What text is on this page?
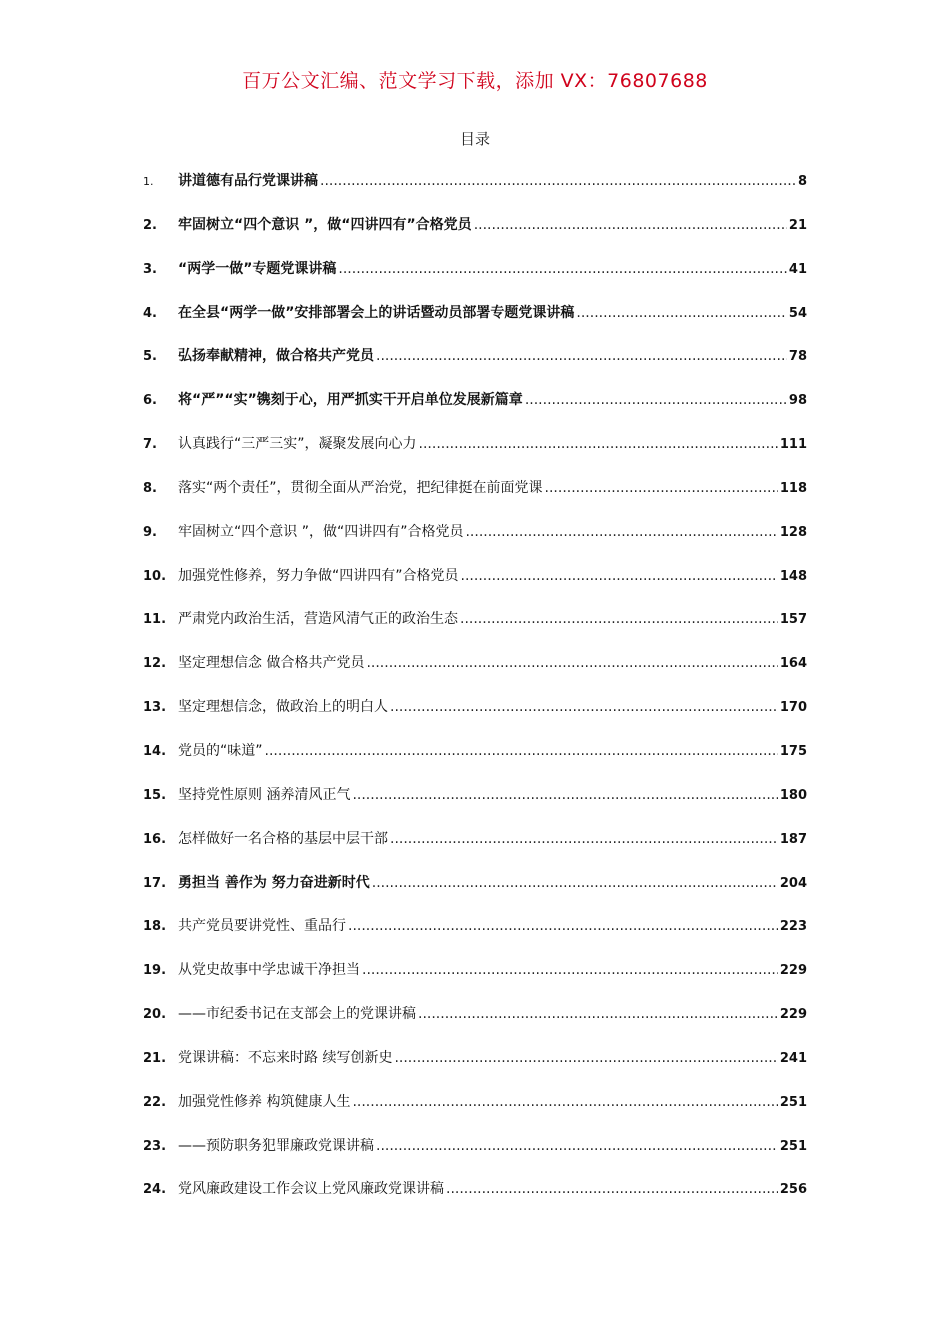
百万公文汇编、范文学习下载，添加 VX：76807688
目录
1.	讲道德有品行党课讲稿 .....	8
2.	牢固树立“四个意识 ”，做“四讲四有”合格党员 .....	21
3.	“两学一做”专题党课讲稿 .....	41
4.	在全县“两学一做”安排部署会上的讲话暨动员部署专题党课讲稿 .....	54
5.	弘扬奉献精神，做合格共产党员 .....	78
6.	将“严”“实”镌刻于心，用严抓实干开启单位发展新篇章 .....	98
7.	认真践行“三严三实”，凝聚发展向心力 .....	111
8.	落实“两个责任”，贯彻全面从严治党，把纪律挺在前面党课 .....	118
9.	牢固树立“四个意识 ”，做“四讲四有”合格党员 .....	128
10. 加强党性修养，努力争做“四讲四有”合格党员 .....	148
11. 严肃党内政治生活，营造风清气正的政治生态 .....	157
12. 坚定理想信念 做合格共产党员 .....	164
13. 坚定理想信念，做政治上的明白人 .....	170
14. 党员的“味道” .....	175
15. 坚持党性原则 涵养清风正气 .....	180
16. 怎样做好一名合格的基层中层干部 .....	187
17. 勇担当 善作为 努力奋进新时代 .....	204
18. 共产党员要讲党性、重品行 .....	223
19. 从党史故事中学忠诚干净担当 .....	229
20. ——市纪委书记在支部会上的党课讲稿 .....	229
21. 党课讲稿：不忘来时路 续写创新史 .....	241
22. 加强党性修养 构筑健康人生 .....	251
23. ——预防职务犯罪廉政党课讲稿 .....	251
24. 党风廉政建设工作会议上党风廉政党课讲稿 .....	256
